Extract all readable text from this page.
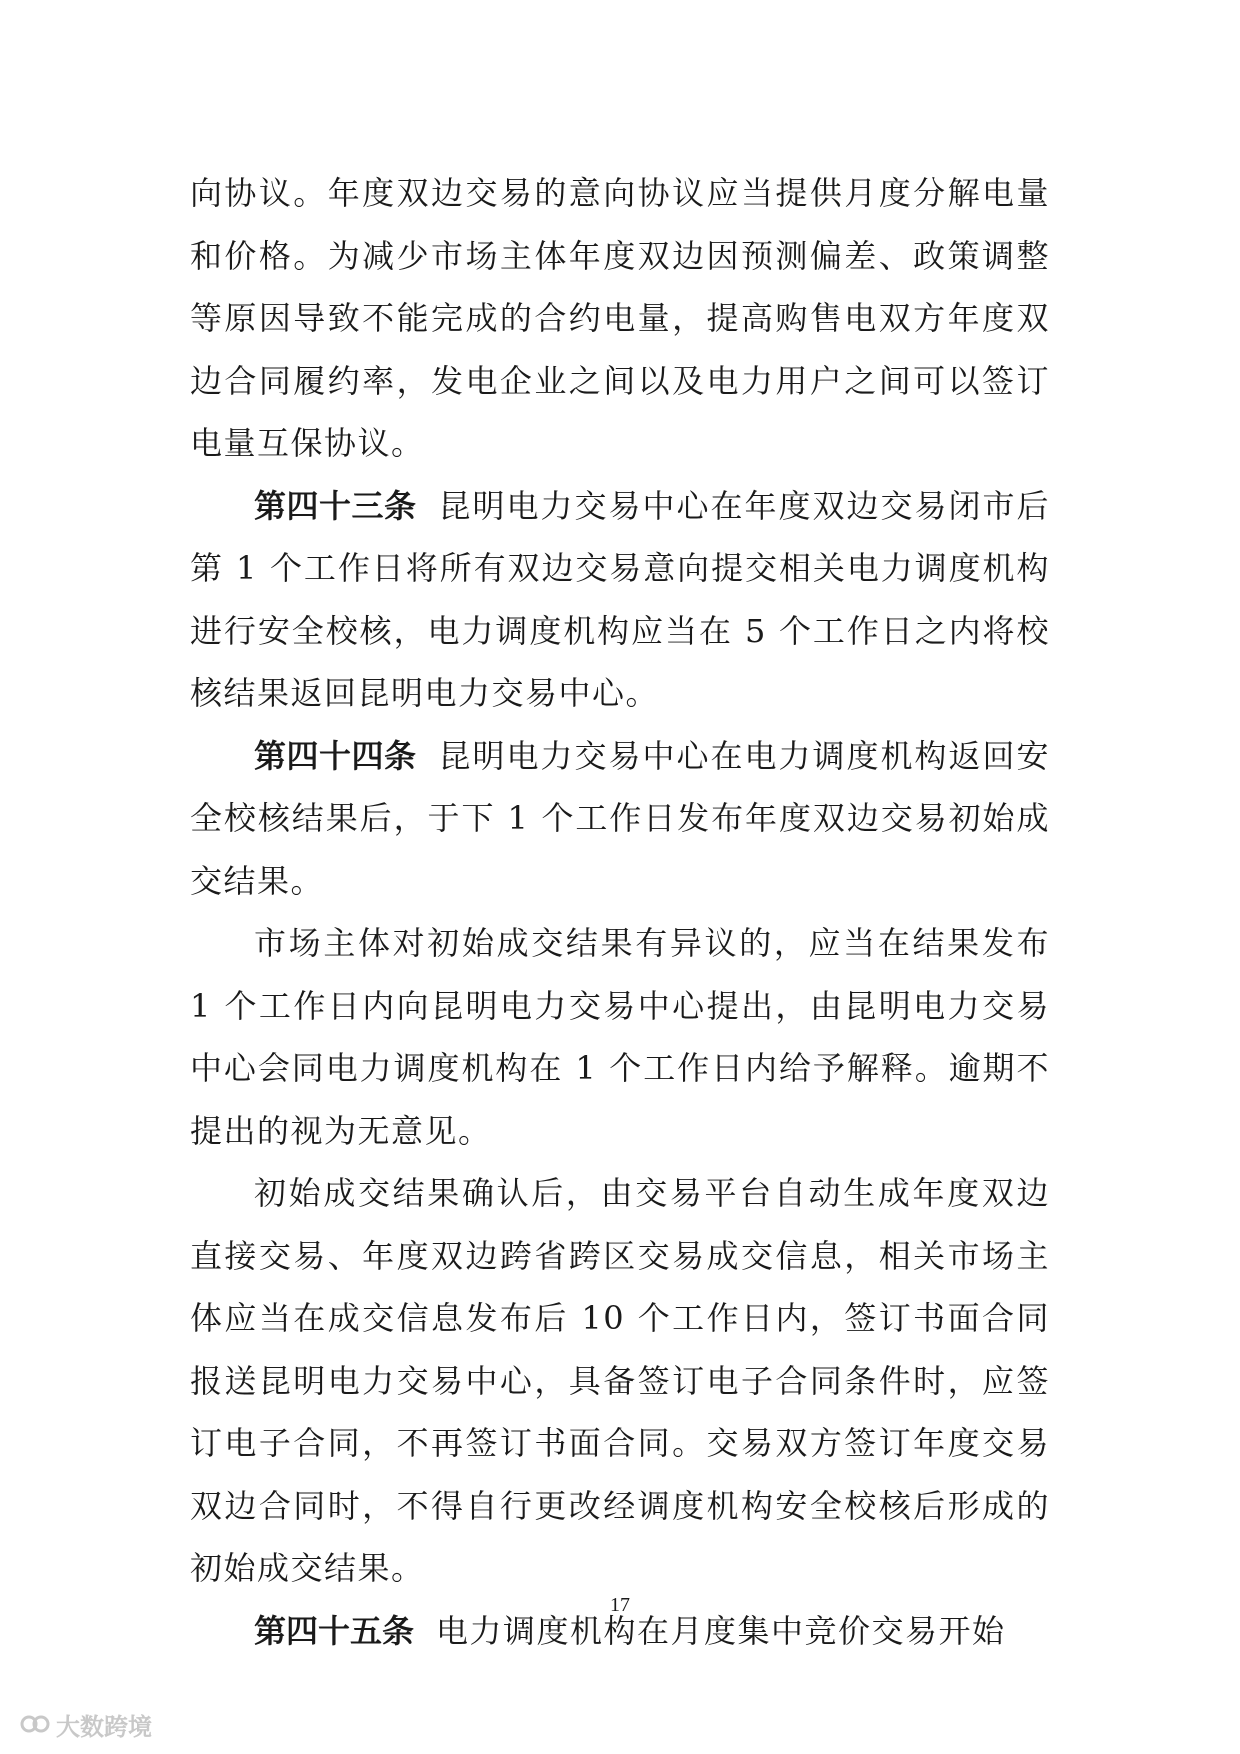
向协议。年度双边交易的意向协议应当提供月度分解电量和价格。为减少市场主体年度双边因预测偏差、政策调整等原因导致不能完成的合约电量，提高购售电双方年度双边合同履约率，发电企业之间以及电力用户之间可以签订电量互保协议。

第四十三条 昆明电力交易中心在年度双边交易闭市后第 1 个工作日将所有双边交易意向提交相关电力调度机构进行安全校核，电力调度机构应当在 5 个工作日之内将校核结果返回昆明电力交易中心。

第四十四条 昆明电力交易中心在电力调度机构返回安全校核结果后，于下 1 个工作日发布年度双边交易初始成交结果。

市场主体对初始成交结果有异议的，应当在结果发布 1 个工作日内向昆明电力交易中心提出，由昆明电力交易中心会同电力调度机构在 1 个工作日内给予解释。逾期不提出的视为无意见。

初始成交结果确认后，由交易平台自动生成年度双边直接交易、年度双边跨省跨区交易成交信息，相关市场主体应当在成交信息发布后 10 个工作日内，签订书面合同报送昆明电力交易中心，具备签订电子合同条件时，应签订电子合同，不再签订书面合同。交易双方签订年度交易双边合同时，不得自行更改经调度机构安全校核后形成的初始成交结果。

第四十五条 电力调度机构在月度集中竞价交易开始

17
大数跨境
